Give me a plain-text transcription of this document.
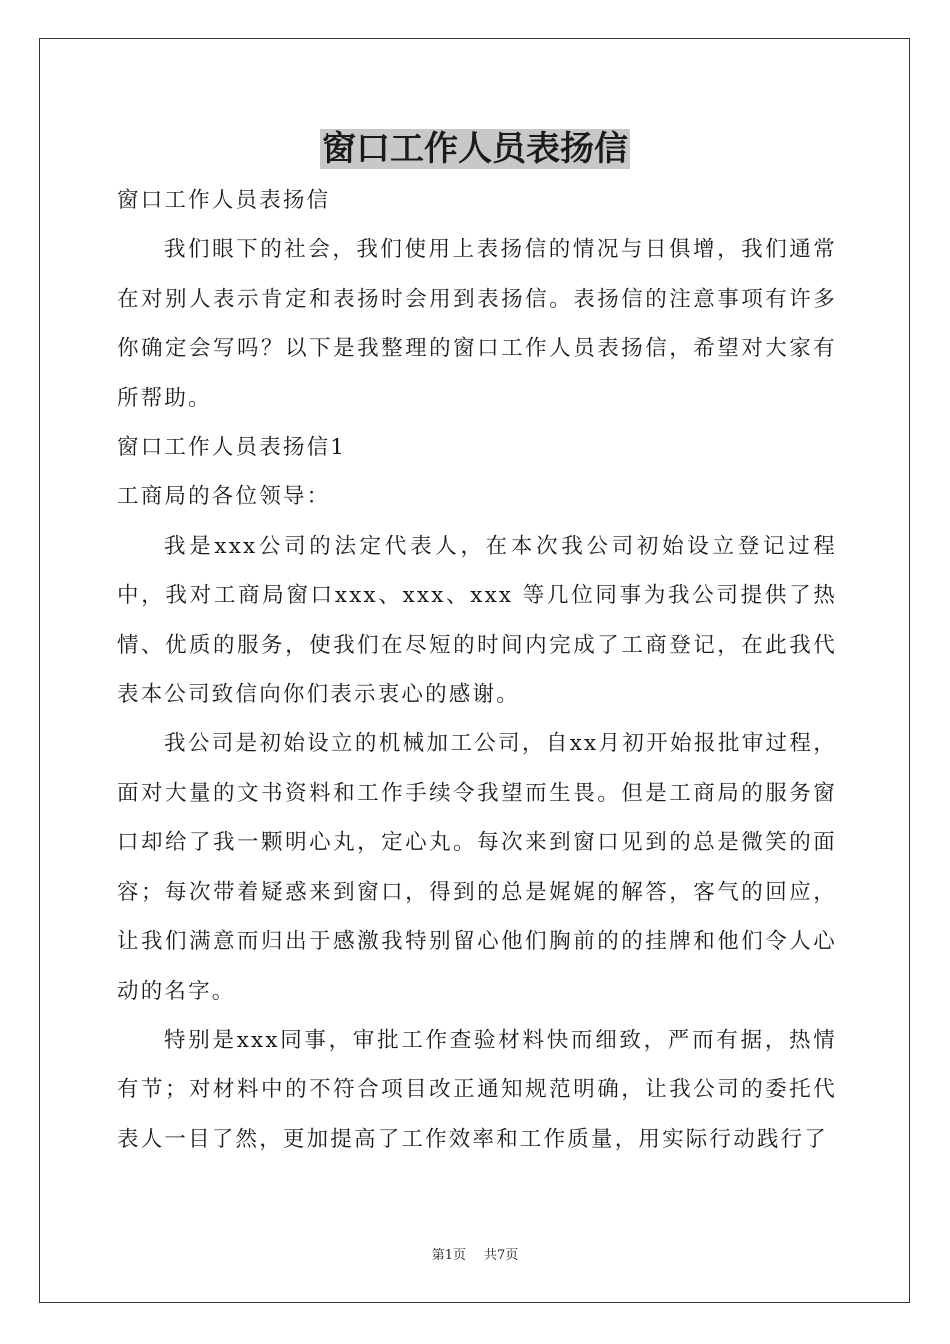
窗口工作人员表扬信

窗口工作人员表扬信

我们眼下的社会，我们使用上表扬信的情况与日俱增，我们通常在对别人表示肯定和表扬时会用到表扬信。表扬信的注意事项有许多你确定会写吗？以下是我整理的窗口工作人员表扬信，希望对大家有所帮助。

窗口工作人员表扬信1

工商局的各位领导：

我是xxx公司的法定代表人，在本次我公司初始设立登记过程中，我对工商局窗口xxx、xxx、xxx 等几位同事为我公司提供了热情、优质的服务，使我们在尽短的时间内完成了工商登记，在此我代表本公司致信向你们表示衷心的感谢。

我公司是初始设立的机械加工公司，自xx月初开始报批审过程，面对大量的文书资料和工作手续令我望而生畏。但是工商局的服务窗口却给了我一颗明心丸，定心丸。每次来到窗口见到的总是微笑的面容；每次带着疑惑来到窗口，得到的总是娓娓的解答，客气的回应，让我们满意而归出于感激我特别留心他们胸前的的挂牌和他们令人心动的名字。

特别是xxx同事，审批工作查验材料快而细致，严而有据，热情有节；对材料中的不符合项目改正通知规范明确，让我公司的委托代表人一目了然，更加提高了工作效率和工作质量，用实际行动践行了

第1页 共7页
